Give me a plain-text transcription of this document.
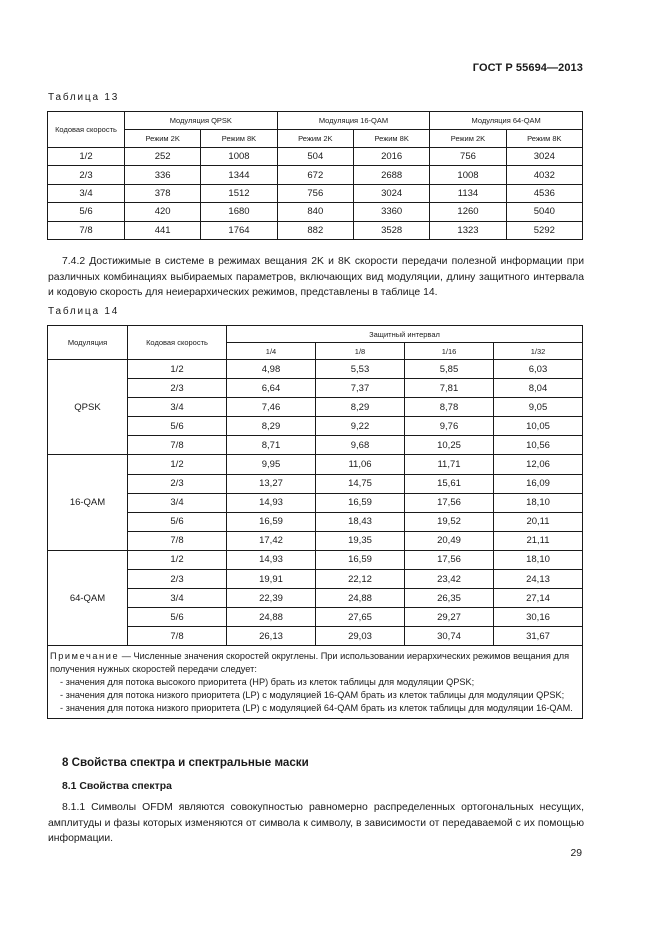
ГОСТ Р 55694—2013
Таблица 13
Кодовая скорость	Модуляция QPSK		Модуляция 16-QAM		Модуляция 64-QAM	
	Режим 2K	Режим 8K	Режим 2K	Режим 8K	Режим 2K	Режим 8K
1/2	252	1008	504	2016	756	3024
2/3	336	1344	672	2688	1008	4032
3/4	378	1512	756	3024	1134	4536
5/6	420	1680	840	3360	1260	5040
7/8	441	1764	882	3528	1323	5292
7.4.2 Достижимые в системе в режимах вещания 2K и 8K скорости передачи полезной информации при различных комбинациях выбираемых параметров, включающих вид модуляции, длину защитного интервала и кодовую скорость для неиерархических режимов, представлены в таблице 14.
Таблица 14
Модуляция	Кодовая скорость	Защитный интервал			
		1/4	1/8	1/16	1/32
QPSK	1/2	4,98	5,53	5,85	6,03
	2/3	6,64	7,37	7,81	8,04
	3/4	7,46	8,29	8,78	9,05
	5/6	8,29	9,22	9,76	10,05
	7/8	8,71	9,68	10,25	10,56
16-QAM	1/2	9,95	11,06	11,71	12,06
	2/3	13,27	14,75	15,61	16,09
	3/4	14,93	16,59	17,56	18,10
	5/6	16,59	18,43	19,52	20,11
	7/8	17,42	19,35	20,49	21,11
64-QAM	1/2	14,93	16,59	17,56	18,10
	2/3	19,91	22,12	23,42	24,13
	3/4	22,39	24,88	26,35	27,14
	5/6	24,88	27,65	29,27	30,16
	7/8	26,13	29,03	30,74	31,67
Примечание — Численные значения скоростей округлены. При использовании иерархических режимов вещания для получения нужных скоростей передачи следует:
- значения для потока высокого приоритета (HP) брать из клеток таблицы для модуляции QPSK;
- значения для потока низкого приоритета (LP) с модуляцией 16-QAM брать из клеток таблицы для модуляции QPSK;
- значения для потока низкого приоритета (LP) с модуляцией 64-QAM брать из клеток таблицы для модуляции 16-QAM.					
8 Свойства спектра и спектральные маски
8.1 Свойства спектра
8.1.1 Символы OFDM являются совокупностью равномерно распределенных ортогональных несущих, амплитуды и фазы которых изменяются от символа к символу, в зависимости от передаваемой с их помощью информации.
29
